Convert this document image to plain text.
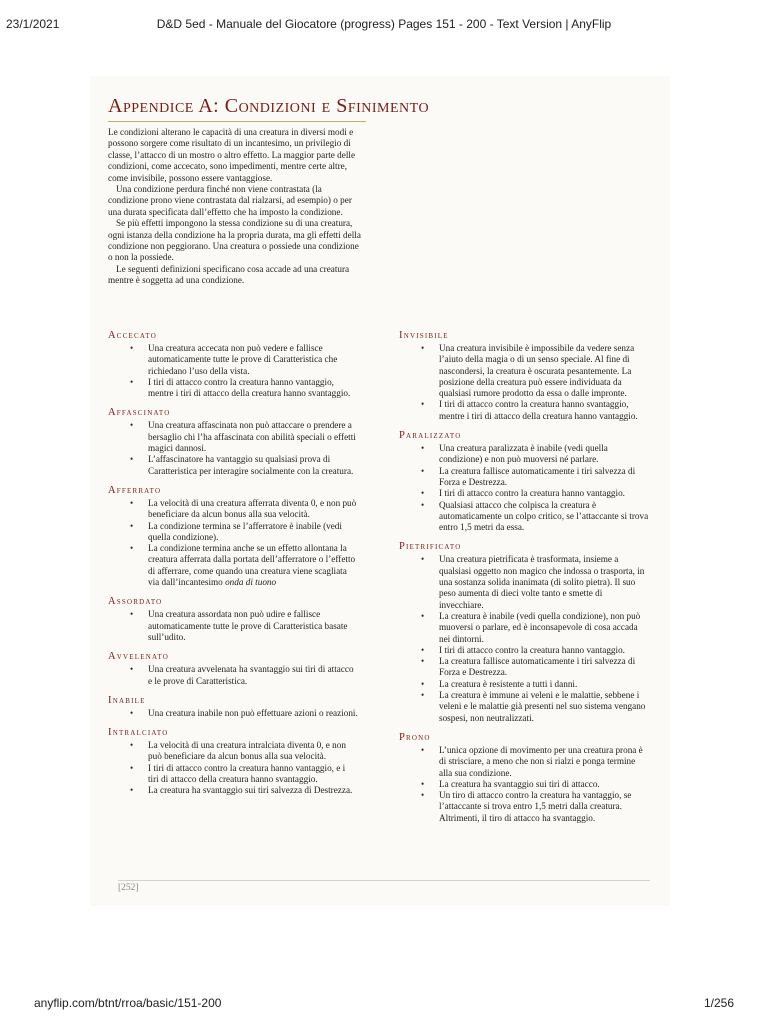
23/1/2021	D&D 5ed - Manuale del Giocatore (progress) Pages 151 - 200 - Text Version | AnyFlip
Appendice A: Condizioni e Sfinimento

Le condizioni alterano le capacità di una creatura in diversi modi e possono sorgere come risultato di un incantesimo, un privilegio di classe, l’attacco di un mostro o altro effetto. La maggior parte delle condizioni, come accecato, sono impedimenti, mentre certe altre, come invisibile, possono essere vantaggiose.

Una condizione perdura finché non viene contrastata (la condizione prono viene contrastata dal rialzarsi, ad esempio) o per una durata specificata dall’effetto che ha imposto la condizione.

Se più effetti impongono la stessa condizione su di una creatura, ogni istanza della condizione ha la propria durata, ma gli effetti della condizione non peggiorano. Una creatura o possiede una condizione o non la possiede.

Le seguenti definizioni specificano cosa accade ad una creatura mentre è soggetta ad una condizione.

Accecato
• Una creatura accecata non può vedere e fallisce automaticamente tutte le prove di Caratteristica che richiedano l’uso della vista.
• I tiri di attacco contro la creatura hanno vantaggio, mentre i tiri di attacco della creatura hanno svantaggio.
Affascinato
• Una creatura affascinata non può attaccare o prendere a bersaglio chi l’ha affascinata con abilità speciali o effetti magici dannosi.
• L’affascinatore ha vantaggio su qualsiasi prova di Caratteristica per interagire socialmente con la creatura.
Afferrato
• La velocità di una creatura afferrata diventa 0, e non può beneficiare da alcun bonus alla sua velocità.
• La condizione termina se l’afferratore è inabile (vedi quella condizione).
• La condizione termina anche se un effetto allontana la creatura afferrata dalla portata dell’afferratore o l’effetto di afferrare, come quando una creatura viene scagliata via dall’incantesimo onda di tuono
Assordato
• Una creatura assordata non può udire e fallisce automaticamente tutte le prove di Caratteristica basate sull’udito.
Avvelenato
• Una creatura avvelenata ha svantaggio sui tiri di attacco e le prove di Caratteristica.
Inabile
• Una creatura inabile non può effettuare azioni o reazioni.
Intralciato
• La velocità di una creatura intralciata diventa 0, e non può beneficiare da alcun bonus alla sua velocità.
• I tiri di attacco contro la creatura hanno vantaggio, e i tiri di attacco della creatura hanno svantaggio.
• La creatura ha svantaggio sui tiri salvezza di Destrezza.
Invisibile
• Una creatura invisibile è impossibile da vedere senza l’aiuto della magia o di un senso speciale. Al fine di nascondersi, la creatura è oscurata pesantemente. La posizione della creatura può essere individuata da qualsiasi rumore prodotto da essa o dalle impronte.
• I tiri di attacco contro la creatura hanno svantaggio, mentre i tiri di attacco della creatura hanno vantaggio.
Paralizzato
• Una creatura paralizzata è inabile (vedi quella condizione) e non può muoversi né parlare.
• La creatura fallisce automaticamente i tiri salvezza di Forza e Destrezza.
• I tiri di attacco contro la creatura hanno vantaggio.
• Qualsiasi attacco che colpisca la creatura è automaticamente un colpo critico, se l’attaccante si trova entro 1,5 metri da essa.
Pietrificato
• Una creatura pietrificata è trasformata, insieme a qualsiasi oggetto non magico che indossa o trasporta, in una sostanza solida inanimata (di solito pietra). Il suo peso aumenta di dieci volte tanto e smette di invecchiare.
• La creatura è inabile (vedi quella condizione), non può muoversi o parlare, ed è inconsapevole di cosa accada nei dintorni.
• I tiri di attacco contro la creatura hanno vantaggio.
• La creatura fallisce automaticamente i tiri salvezza di Forza e Destrezza.
• La creatura è resistente a tutti i danni.
• La creatura è immune ai veleni e le malattie, sebbene i veleni e le malattie già presenti nel suo sistema vengano sospesi, non neutralizzati.
Prono
• L’unica opzione di movimento per una creatura prona è di strisciare, a meno che non si rialzi e ponga termine alla sua condizione.
• La creatura ha svantaggio sui tiri di attacco.
• Un tiro di attacco contro la creatura ha vantaggio, se l’attaccante si trova entro 1,5 metri dalla creatura. Altrimenti, il tiro di attacco ha svantaggio.
[252]
anyflip.com/btnt/rroa/basic/151-200	1/256
